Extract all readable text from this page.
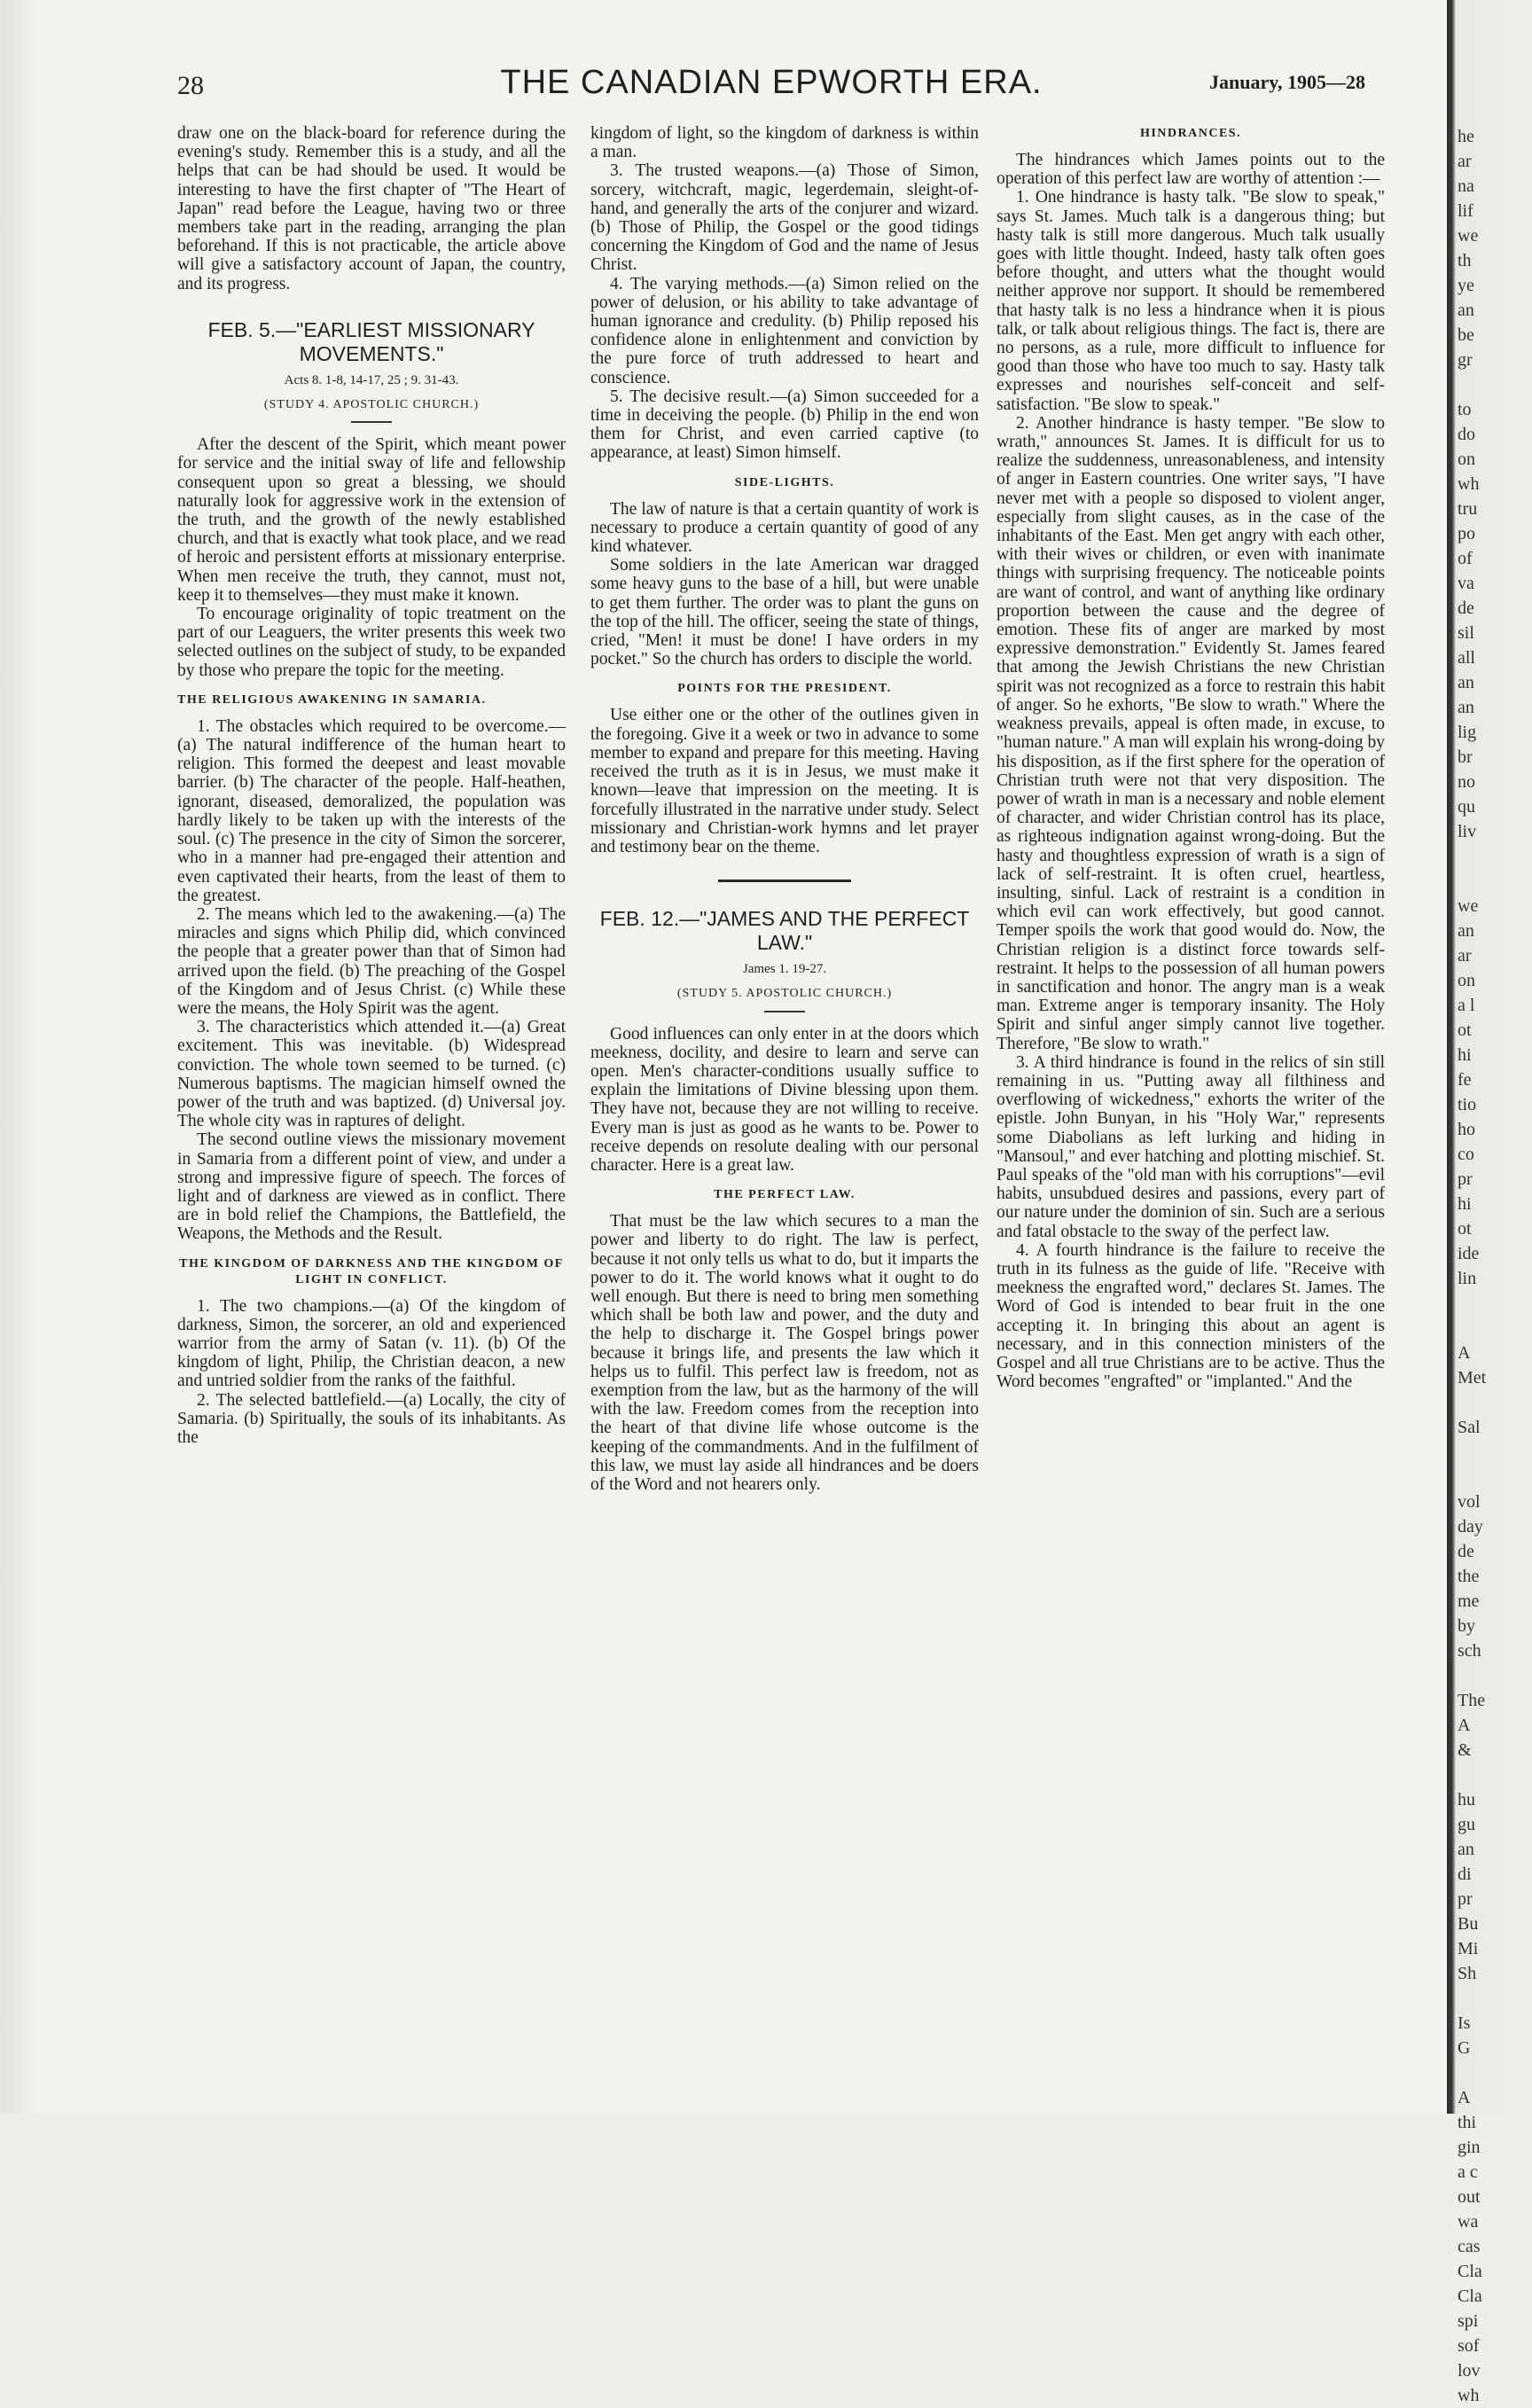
28	THE CANADIAN EPWORTH ERA.	January, 1905—28

draw one on the black-board for reference during the evening's study. Remember this is a study, and all the helps that can be had should be used. It would be interesting to have the first chapter of "The Heart of Japan" read before the League, having two or three members take part in the reading, arranging the plan beforehand. If this is not practicable, the article above will give a satisfactory account of Japan, the country, and its progress.

FEB. 5.—"EARLIEST MISSIONARY MOVEMENTS."
Acts 8. 1-8, 14-17, 25 ; 9. 31-43.
(STUDY 4. APOSTOLIC CHURCH.)

After the descent of the Spirit, which meant power for service and the initial sway of life and fellowship consequent upon so great a blessing, we should naturally look for aggressive work in the extension of the truth, and the growth of the newly established church, and that is exactly what took place, and we read of heroic and persistent efforts at missionary enterprise. When men receive the truth, they cannot, must not, keep it to themselves—they must make it known.

To encourage originality of topic treatment on the part of our Leaguers, the writer presents this week two selected outlines on the subject of study, to be expanded by those who prepare the topic for the meeting.

THE RELIGIOUS AWAKENING IN SAMARIA.

1. The obstacles which required to be overcome.—(a) The natural indifference of the human heart to religion. This formed the deepest and least movable barrier. (b) The character of the people. Half-heathen, ignorant, diseased, demoralized, the population was hardly likely to be taken up with the interests of the soul. (c) The presence in the city of Simon the sorcerer, who in a manner had pre-engaged their attention and even captivated their hearts, from the least of them to the greatest.

2. The means which led to the awakening.—(a) The miracles and signs which Philip did, which convinced the people that a greater power than that of Simon had arrived upon the field. (b) The preaching of the Gospel of the Kingdom and of Jesus Christ. (c) While these were the means, the Holy Spirit was the agent.

3. The characteristics which attended it.—(a) Great excitement. This was inevitable. (b) Widespread conviction. The whole town seemed to be turned. (c) Numerous baptisms. The magician himself owned the power of the truth and was baptized. (d) Universal joy. The whole city was in raptures of delight.

The second outline views the missionary movement in Samaria from a different point of view, and under a strong and impressive figure of speech. The forces of light and of darkness are viewed as in conflict. There are in bold relief the Champions, the Battlefield, the Weapons, the Methods and the Result.

THE KINGDOM OF DARKNESS AND THE KINGDOM OF LIGHT IN CONFLICT.

1. The two champions.—(a) Of the kingdom of darkness, Simon, the sorcerer, an old and experienced warrior from the army of Satan (v. 11). (b) Of the kingdom of light, Philip, the Christian deacon, a new and untried soldier from the ranks of the faithful.

2. The selected battlefield.—(a) Locally, the city of Samaria. (b) Spiritually, the souls of its inhabitants. As the

kingdom of light, so the kingdom of darkness is within a man.

3. The trusted weapons.—(a) Those of Simon, sorcery, witchcraft, magic, legerdemain, sleight-of-hand, and generally the arts of the conjurer and wizard. (b) Those of Philip, the Gospel or the good tidings concerning the Kingdom of God and the name of Jesus Christ.

4. The varying methods.—(a) Simon relied on the power of delusion, or his ability to take advantage of human ignorance and credulity. (b) Philip reposed his confidence alone in enlightenment and conviction by the pure force of truth addressed to heart and conscience.

5. The decisive result.—(a) Simon succeeded for a time in deceiving the people. (b) Philip in the end won them for Christ, and even carried captive (to appearance, at least) Simon himself.

SIDE-LIGHTS.

The law of nature is that a certain quantity of work is necessary to produce a certain quantity of good of any kind whatever.

Some soldiers in the late American war dragged some heavy guns to the base of a hill, but were unable to get them further. The order was to plant the guns on the top of the hill. The officer, seeing the state of things, cried, "Men! it must be done! I have orders in my pocket." So the church has orders to disciple the world.

POINTS FOR THE PRESIDENT.

Use either one or the other of the outlines given in the foregoing. Give it a week or two in advance to some member to expand and prepare for this meeting. Having received the truth as it is in Jesus, we must make it known—leave that impression on the meeting. It is forcefully illustrated in the narrative under study. Select missionary and Christian-work hymns and let prayer and testimony bear on the theme.

FEB. 12.—"JAMES AND THE PERFECT LAW."
James 1. 19-27.
(STUDY 5. APOSTOLIC CHURCH.)

Good influences can only enter in at the doors which meekness, docility, and desire to learn and serve can open. Men's character-conditions usually suffice to explain the limitations of Divine blessing upon them. They have not, because they are not willing to receive. Every man is just as good as he wants to be. Power to receive depends on resolute dealing with our personal character. Here is a great law.

THE PERFECT LAW.

That must be the law which secures to a man the power and liberty to do right. The law is perfect, because it not only tells us what to do, but it imparts the power to do it. The world knows what it ought to do well enough. But there is need to bring men something which shall be both law and power, and the duty and the help to discharge it. The Gospel brings power because it brings life, and presents the law which it helps us to fulfil. This perfect law is freedom, not as exemption from the law, but as the harmony of the will with the law. Freedom comes from the reception into the heart of that divine life whose outcome is the keeping of the commandments. And in the fulfilment of this law, we must lay aside all hindrances and be doers of the Word and not hearers only.

HINDRANCES.

The hindrances which James points out to the operation of this perfect law are worthy of attention :—

1. One hindrance is hasty talk. "Be slow to speak," says St. James. Much talk is a dangerous thing; but hasty talk is still more dangerous. Much talk usually goes with little thought. Indeed, hasty talk often goes before thought, and utters what the thought would neither approve nor support. It should be remembered that hasty talk is no less a hindrance when it is pious talk, or talk about religious things. The fact is, there are no persons, as a rule, more difficult to influence for good than those who have too much to say. Hasty talk expresses and nourishes self-conceit and self-satisfaction. "Be slow to speak."

2. Another hindrance is hasty temper. "Be slow to wrath," announces St. James. It is difficult for us to realize the suddenness, unreasonableness, and intensity of anger in Eastern countries. One writer says, "I have never met with a people so disposed to violent anger, especially from slight causes, as in the case of the inhabitants of the East. Men get angry with each other, with their wives or children, or even with inanimate things with surprising frequency. The noticeable points are want of control, and want of anything like ordinary proportion between the cause and the degree of emotion. These fits of anger are marked by most expressive demonstration." Evidently St. James feared that among the Jewish Christians the new Christian spirit was not recognized as a force to restrain this habit of anger. So he exhorts, "Be slow to wrath." Where the weakness prevails, appeal is often made, in excuse, to "human nature." A man will explain his wrong-doing by his disposition, as if the first sphere for the operation of Christian truth were not that very disposition. The power of wrath in man is a necessary and noble element of character, and wider Christian control has its place, as righteous indignation against wrong-doing. But the hasty and thoughtless expression of wrath is a sign of lack of self-restraint. It is often cruel, heartless, insulting, sinful. Lack of restraint is a condition in which evil can work effectively, but good cannot. Temper spoils the work that good would do. Now, the Christian religion is a distinct force towards self-restraint. It helps to the possession of all human powers in sanctification and honor. The angry man is a weak man. Extreme anger is temporary insanity. The Holy Spirit and sinful anger simply cannot live together. Therefore, "Be slow to wrath."

3. A third hindrance is found in the relics of sin still remaining in us. "Putting away all filthiness and overflowing of wickedness," exhorts the writer of the epistle. John Bunyan, in his "Holy War," represents some Diabolians as left lurking and hiding in "Mansoul," and ever hatching and plotting mischief. St. Paul speaks of the "old man with his corruptions"—evil habits, unsubdued desires and passions, every part of our nature under the dominion of sin. Such are a serious and fatal obstacle to the sway of the perfect law.

4. A fourth hindrance is the failure to receive the truth in its fulness as the guide of life. "Receive with meekness the engrafted word," declares St. James. The Word of God is intended to bear fruit in the one accepting it. In bringing this about an agent is necessary, and in this connection ministers of the Gospel and all true Christians are to be active. Thus the Word becomes "engrafted" or "implanted." And the

he
ar
na
lif
we
th
ye
an
be
gr

to
do
on
wh
tru
po
of
va
de
sil
all
an
an
lig
br
no
qu
liv

we
an
ar
on
a l
ot
hi
fe
tio
ho
co
pr
hi
ot
ide
lin

A
Met

Sal

vol
day
de
the
me
by
sch

The
A
&

hu
gu
an
di
pr
Bu
Mi
Sh

Is
G

A
thi
gin
a c
out
wa
cas
Cla
Cla
spi
sof
lov
wh
